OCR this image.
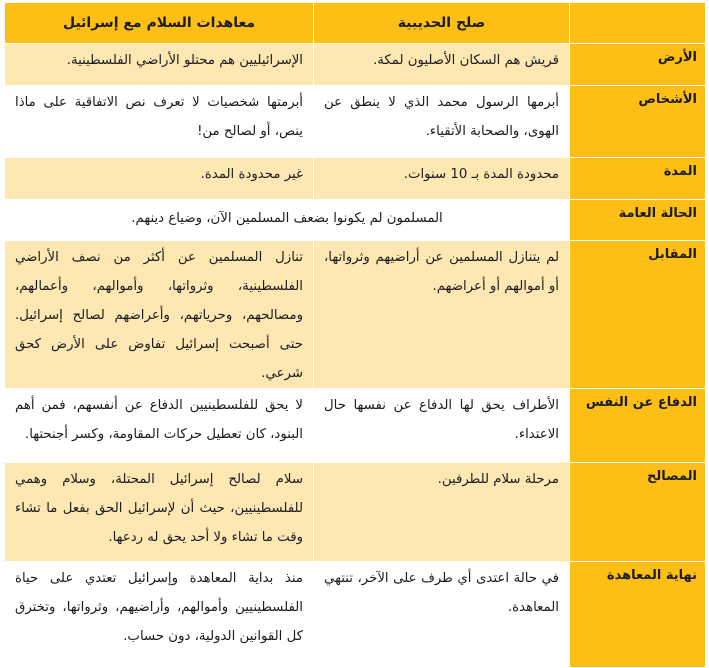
	صلح الحديبية	معاهدات السلام مع إسرائيل
الأرض	قريش هم السكان الأصليون لمكة.	الإسرائيليين هم محتلو الأراضي الفلسطينية.
الأشخاص	أبرمها الرسول محمد الذي لا ينطق عن الهوى، والصحابة الأتقياء.	أبرمتها شخصيات لا تعرف نص الاتفاقية على ماذا ينص، أو لصالح من!
المدة	محدودة المدة بـ 10 سنوات.	غير محدودة المدة.
الحالة العامة	المسلمون لم يكونوا بضعف المسلمين الآن، وضياع دينهم.	
المقابل	لم يتنازل المسلمين عن أراضيهم وثرواتها، أو أموالهم أو أعراضهم.	تنازل المسلمين عن أكثر من نصف الأراضي الفلسطينية، وثرواتها، وأموالهم، وأعمالهم، ومصالحهم، وحرياتهم، وأعراضهم لصالح إسرائيل. حتى أصبحت إسرائيل تفاوض على الأرض كحق شرعي.
الدفاع عن النفس	الأطراف يحق لها الدفاع عن نفسها حال الاعتداء.	لا يحق للفلسطينيين الدفاع عن أنفسهم، فمن أهم البنود، كان تعطيل حركات المقاومة، وكسر أجنحتها.
المصالح	مرحلة سلام للطرفين.	سلام لصالح إسرائيل المحتلة، وسلام وهمي للفلسطينيين، حيث أن لإسرائيل الحق بفعل ما تشاء وقت ما تشاء ولا أحد يحق له ردعها.
نهاية المعاهدة	في حالة اعتدى أي طرف على الآخر، تنتهي المعاهدة.	منذ بداية المعاهدة وإسرائيل تعتدي على حياة الفلسطينيين وأموالهم، وأراضيهم، وثرواتها، وتخترق كل القوانين الدولية، دون حساب.
